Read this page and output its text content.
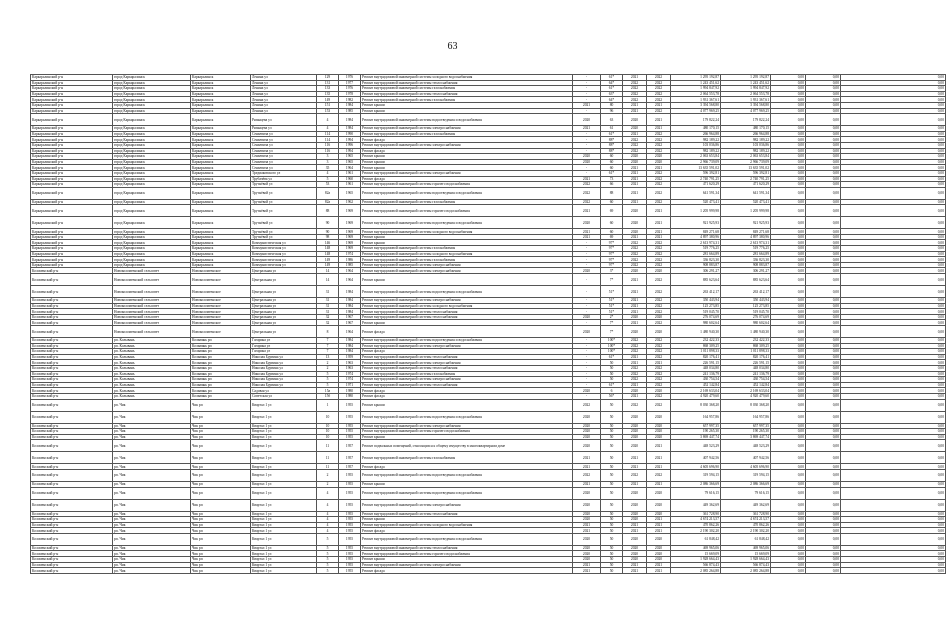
63
Каркаралинский р-н	город Каркаралинск	Каркаралинск	Ленина ул	129	1976	Ремонт внутридомовой инженерной системы холодного водоснабжения	-	61*	2021	2022	1 295 192,87	1 295 192,87	0,00	0,00	0,00
Каркаралинский р-н	город Каркаралинск	Каркаралинск	Ленина ул	131	1977	Ремонт внутридомовой инженерной системы теплоснабжения	-	64*	2022	2022	1 243 451,62	1 243 451,62	0,00	0,00	0,00
Каркаралинский р-н	город Каркаралинск	Каркаралинск	Ленина ул	133	1976	Ремонт внутридомовой инженерной системы газоснабжения	-	61*	2022	2022	1 994 847,92	1 994 847,92	0,00	0,00	0,00
Каркаралинский р-н	город Каркаралинск	Каркаралинск	Ленина ул	135	1978	Ремонт внутридомовой инженерной системы теплоснабжения	-	63*	2022	2022	2 064 553,78	2 064 553,78	0,00	0,00	0,00
Каркаралинский р-н	город Каркаралинск	Каркаралинск	Ленина ул	149	1982	Ремонт внутридомовой инженерной системы газоснабжения	-	64*	2022	2022	1 931 367,61	1 931 367,61	0,00	0,00	0,00
Каркаралинский р-н	город Каркаралинск	Каркаралинск	Ленина ул	151	1984	Ремонт крыши	2021	80	2021	2021	3 394 568,80	3 394 568,80	0,00	0,00	0,00
Каркаралинский р-н	город Каркаралинск	Каркаралинск	Ленина ул	153	1985	Ремонт крыши	-	96	2021	2022	4 077 969,25	4 077 969,25	0,00	0,00	0,00
Каркаралинский р-н	город Каркаралинск	Каркаралинск	Рязанцева ул	4	1984	Ремонт внутридомовой инженерной системы водоотведения и водоснабжения	2020	63	2020	2021	179 822,24	179 822,24	0,00	0,00	0,00
Каркаралинский р-н	город Каркаралинск	Каркаралинск	Рязанцева ул	4	1984	Ремонт внутридомовой инженерной системы электроснабжения	2021	61	2020	2021	480 170,15	480 170,15	0,00	0,00	0,00
Каркаралинский р-н	город Каркаралинск	Каркаралинск	Сенкевича ул	114	1990	Ремонт внутридомовой инженерной системы газоснабжения	-	61*	2021	2022	266 964,88	266 964,88	0,00	0,00	0,00
Каркаралинский р-н	город Каркаралинск	Каркаралинск	Сенкевича ул	114	1994	Ремонт фасада	-	88*	2022	2022	982 189,22	982 189,22	0,00	0,00	0,00
Каркаралинский р-н	город Каркаралинск	Каркаралинск	Сенкевича ул	116	1996	Ремонт внутридомовой инженерной системы электроснабжения	-	88*	2022	2022	103 036,86	103 036,86	0,00	0,00	0,00
Каркаралинский р-н	город Каркаралинск	Каркаралинск	Сенкевича ул	116	1994	Ремонт фасада	-	88*	2022	2022	982 189,22	982 189,22	0,00	0,00	0,00
Каркаралинский р-н	город Каркаралинск	Каркаралинск	Сенкевича ул	3	1965	Ремонт крыши	2020	60	2020	2020	2 063 653,84	2 063 653,84	0,00	0,00	0,00
Каркаралинский р-н	город Каркаралинск	Каркаралинск	Сенкевича ул	3	1965	Ремонт крыши	2020	60	2020	2020	2 966 739,09	2 966 739,09	0,00	0,00	0,00
Каркаралинский р-н	город Каркаралинск	Каркаралинск	Сенкевича ул	35	1964	Ремонт крыши	-	60	2021	2021	13 635 591,02	13 635 591,02	0,00	0,00	0,00
Каркаралинский р-н	город Каркаралинск	Каркаралинск	Тредиаковского ул	4	1961	Ремонт внутридомовой инженерной системы электроснабжения	-	61*	2021	2022	596 392,81	596 392,81	0,00	0,00	0,00
Каркаралинский р-н	город Каркаралинск	Каркаралинск	Трубачёва ул	5	1960	Ремонт фасада	2021	73	2021	2022	2 740 791,25	2 740 791,25	0,00	0,00	0,00
Каркаралинский р-н	город Каркаралинск	Каркаралинск	Трутнёвой ул	53	1961	Ремонт внутридомовой инженерной системы горячего водоснабжения	2022	66	2021	2022	471 620,29	471 620,29	0,00	0,00	0,00
Каркаралинский р-н	город Каркаралинск	Каркаралинск	Трутнёвой ул	82а	1965	Ремонт внутридомовой инженерной системы водоотведения и водоснабжения	2022	88	2021	2022	641 591,34	641 591,34	0,00	0,00	0,00
Каркаралинский р-н	город Каркаралинск	Каркаралинск	Трутнёвой ул	82а	1962	Ремонт внутридомовой инженерной системы газоснабжения	2022	60	2021	2022	520 473,41	520 473,41	0,00	0,00	0,00
Каркаралинский р-н	город Каркаралинск	Каркаралинск	Трутнёвой ул	88	1969	Ремонт внутридомовой инженерной системы горячего водоснабжения	2021	69	2020	2021	1 205 999,98	1 205 999,98	0,00	0,00	0,00
Каркаралинский р-н	город Каркаралинск	Каркаралинск	Трутнёвой ул	90	1969	Ремонт внутридомовой инженерной системы водоотведения и водоснабжения	2020	60	2020	2021	921 925,93	921 925,93	0,00	0,00	0,00
Каркаралинский р-н	город Каркаралинск	Каркаралинск	Трутнёвой ул	90	1969	Ремонт внутридомовой инженерной системы холодного водоснабжения	2021	60	2020	2021	849 271,68	849 271,68	0,00	0,00	0,00
Каркаралинский р-н	город Каркаралинск	Каркаралинск	Трутнёвой ул	98	1969	Ремонт крыши	2021	69	2021	2021	4 897 380,96	4 897 380,96	0,00	0,00	0,00
Каркаралинский р-н	город Каркаралинск	Каркаралинск	Коммунистическая ул	146	1969	Ремонт крыши	-	97*	2022	2022	2 613 974,31	2 613 974,31	0,00	0,00	0,00
Каркаралинский р-н	город Каркаралинск	Каркаралинск	Коммунистическая ул	148	1969	Ремонт внутридомовой инженерной системы газоснабжения	-	97*	2022	2022	519 776,25	519 776,25	0,00	0,00	0,00
Каркаралинский р-н	город Каркаралинск	Каркаралинск	Коммунистическая ул	148	1974	Ремонт внутридомовой инженерной системы холодного водоснабжения	-	97*	2022	2022	281 664,89	281 664,89	0,00	0,00	0,00
Каркаралинский р-н	город Каркаралинск	Каркаралинск	Коммунистическая ул	149	1986	Ремонт внутридомовой инженерной системы газоснабжения	-	97*	2022	2022	336 823,30	336 823,30	0,00	0,00	0,00
Каркаралинский р-н	город Каркаралинск	Каркаралинск	Коммунистическая ул	149	1985	Ремонт внутридомовой инженерной системы электроснабжения	-	97*	2022	2022	908 883,87	908 883,87	0,00	0,00	0,00
Коломенский р-н	Новоколомеенский сельсовет	Новоколомеенское	Центральная ул	14	1964	Ремонт внутридомовой инженерной системы электроснабжения	2020	3*	2020	2020	306 291,27	306 291,27	0,00	0,00	0,00
Коломенский р-н	Новоколомеенский сельсовет	Новоколомеенское	Центральная ул	14	1964	Ремонт крыши	-	7*	2021	2022	885 623,64	885 623,64	0,00	0,00	0,00
Коломенский р-н	Новоколомеенский сельсовет	Новоколомеенское	Центральная ул	31	1984	Ремонт внутридомовой инженерной системы водоотведения и водоснабжения	-	51*	2021	2022	263 412,17	263 412,17	0,00	0,00	0,00
Коломенский р-н	Новоколомеенский сельсовет	Новоколомеенское	Центральная ул	31	1984	Ремонт внутридомовой инженерной системы электроснабжения	-	51*	2021	2022	350 443,94	350 443,94	0,00	0,00	0,00
Коломенский р-н	Новоколомеенский сельсовет	Новоколомеенское	Центральная ул	31	1984	Ремонт внутридомовой инженерной системы холодного водоснабжения	-	51*	2021	2022	125 273,85	125 273,85	0,00	0,00	0,00
Коломенский р-н	Новоколомеенский сельсовет	Новоколомеенское	Центральная ул	31	1984	Ремонт внутридомовой инженерной системы теплоснабжения	-	51*	2021	2022	519 045,70	519 045,70	0,00	0,00	0,00
Коломенский р-н	Новоколомеенский сельсовет	Новоколомеенское	Центральная ул	32	1967	Ремонт внутридомовой инженерной системы теплоснабжения	2020	2*	2020	2020	276 074,69	276 074,69	0,00	0,00	0,00
Коломенский р-н	Новоколомеенский сельсовет	Новоколомеенское	Центральная ул	32	1967	Ремонт крыши	-	7*	2021	2022	980 602,64	980 602,64	0,00	0,00	0,00
Коломенский р-н	Новоколомеенский сельсовет	Новоколомеенское	Центральная ул	8	1964	Ремонт фасада	2020	7*	2020	2020	1 480 940,30	1 480 940,30	0,00	0,00	0,00
Коломенский р-н	рп. Колывань	Колывань рп	Гагарина ул	7	1984	Ремонт внутридомовой инженерной системы водоотведения и водоснабжения	-	100*	2022	2022	232 422,33	232 422,33	0,00	0,00	0,00
Коломенский р-н	рп. Колывань	Колывань рп	Гагарина ул	7	1984	Ремонт внутридомовой инженерной системы электроснабжения	-	100*	2022	2022	868 309,25	868 309,25	0,00	0,00	0,00
Коломенский р-н	рп. Колывань	Колывань рп	Гагарина ул	7	1984	Ремонт фасада	-	100*	2022	2022	1 011 898,33	1 011 898,33	0,00	0,00	0,00
Коломенский р-н	рп. Колывань	Колывань рп	Николая Бурвина ул	13	1959	Ремонт внутридомовой инженерной системы теплоснабжения	-	61*	2021	2022	820 176,41	820 176,41	0,00	0,00	0,00
Коломенский р-н	рп. Колывань	Колывань рп	Николая Бурвина ул	2	1963	Ремонт внутридомовой инженерной системы электроснабжения	-	50	2021	2021	226 591,15	226 591,15	0,00	0,00	0,00
Коломенский р-н	рп. Колывань	Колывань рп	Николая Бурвина ул	2	1963	Ремонт внутридомовой инженерной системы теплоснабжения	-	50	2022	2022	448 034,80	448 034,80	0,00	0,00	0,00
Коломенский р-н	рп. Колывань	Колывань рп	Николая Бурвина ул	5	1974	Ремонт внутридомовой инженерной системы газоснабжения	-	50	2022	2022	241 136,79	241 136,79	0,00	0,00	0,00
Коломенский р-н	рп. Колывань	Колывань рп	Николая Бурвина ул	5	1974	Ремонт внутридомовой инженерной системы электроснабжения	-	50	2022	2022	430 754,54	430 754,54	0,00	0,00	0,00
Коломенский р-н	рп. Колывань	Колывань рп	Николая Бурвина ул	5	1971	Ремонт внутридомовой инженерной системы теплоснабжения	-	61*	2021	2022	452 142,84	452 142,84	0,00	0,00	0,00
Коломенский р-н	рп. Колывань	Колывань рп	Садовая ул	15а	1980	Ремонт фасада	2020	6	2020	2020	2 169 633,04	2 169 633,04	0,00	0,00	0,00
Коломенский р-н	рп. Колывань	Колывань рп	Советская ул	15б	1980	Ремонт фасада	-	56*	2021	2022	4 920 479,60	4 920 479,60	0,00	0,00	0,00
Коломенский р-н	рп. Чик	Чик рп	Квартал 1 ул	1	1955	Ремонт крыши	2022	50	2022	2022	8 030 368,20	8 030 368,20	0,00	0,00	0,00
Коломенский р-н	рп. Чик	Чик рп	Квартал 1 ул	10	1955	Ремонт внутридомовой инженерной системы водоотведения и водоснабжения	2020	50	2020	2020	164 957,86	164 957,86	0,00	0,00	0,00
Коломенский р-н	рп. Чик	Чик рп	Квартал 1 ул	10	1955	Ремонт внутридомовой инженерной системы электроснабжения	2020	50	2020	2020	657 997,35	657 997,35	0,00	0,00	0,00
Коломенский р-н	рп. Чик	Чик рп	Квартал 1 ул	10	1955	Ремонт внутридомовой инженерной системы горячего водоснабжения	2020	50	2020	2020	190 265,30	190 265,30	0,00	0,00	0,00
Коломенский р-н	рп. Чик	Чик рп	Квартал 1 ул	10	1955	Ремонт крыши	2020	50	2020	2020	3 869 447,74	3 869 447,74	0,00	0,00	0,00
Коломенский р-н	рп. Чик	Чик рп	Квартал 1 ул	11	1957	Ремонт подвальных помещений, относящихся к общему имуществу в многоквартирном доме	2020	50	2020	2021	448 523,29	448 523,29	0,00	0,00	0,00
Коломенский р-н	рп. Чик	Чик рп	Квартал 1 ул	11	1957	Ремонт внутридомовой инженерной системы газоснабжения	2021	50	2021	2021	407 942,56	407 942,56	0,00	0,00	0,00
Коломенский р-н	рп. Чик	Чик рп	Квартал 1 ул	11	1957	Ремонт фасада	2021	50	2021	2021	4 605 696,90	4 605 696,90	0,00	0,00	0,00
Коломенский р-н	рп. Чик	Чик рп	Квартал 1 ул	2	1955	Ремонт внутридомовой инженерной системы водоотведения и водоснабжения	2022	50	2022	2022	319 594,15	319 594,15	0,00	0,00	0,00
Коломенский р-н	рп. Чик	Чик рп	Квартал 1 ул	2	1955	Ремонт крыши	2021	50	2021	2021	2 086 366,69	2 086 366,69	0,00	0,00	0,00
Коломенский р-н	рп. Чик	Чик рп	Квартал 1 ул	4	1955	Ремонт внутридомовой инженерной системы водоотведения и водоснабжения	2020	50	2020	2020	79 616,15	79 616,15	0,00	0,00	0,00
Коломенский р-н	рп. Чик	Чик рп	Квартал 1 ул	4	1955	Ремонт внутридомовой инженерной системы электроснабжения	2020	50	2020	2020	449 362,69	449 362,69	0,00	0,00	0,00
Коломенский р-н	рп. Чик	Чик рп	Квартал 1 ул	4	1955	Ремонт внутридомовой инженерной системы теплоснабжения	2020	50	2020	2020	361 728,90	361 728,90	0,00	0,00	0,00
Коломенский р-н	рп. Чик	Чик рп	Квартал 1 ул	4	1955	Ремонт крыши	2020	50	2020	2021	4 674 213,57	4 674 213,57	0,00	0,00	0,00
Коломенский р-н	рп. Чик	Чик рп	Квартал 1 ул	4	1955	Ремонт внутридомовой инженерной системы холодного водоснабжения	2021	50	2021	2021	470 862,26	470 862,26	0,00	0,00	0,00
Коломенский р-н	рп. Чик	Чик рп	Квартал 1 ул	4	1955	Ремонт фасада	2021	50	2021	2021	2 190 302,20	2 190 302,20	0,00	0,00	0,00
Коломенский р-н	рп. Чик	Чик рп	Квартал 1 ул	5	1955	Ремонт внутридомовой инженерной системы водоотведения и водоснабжения	2020	50	2020	2020	61 848,42	61 848,42	0,00	0,00	0,00
Коломенский р-н	рп. Чик	Чик рп	Квартал 1 ул	5	1955	Ремонт внутридомовой инженерной системы теплоснабжения	2020	50	2020	2020	469 965,06	469 965,06	0,00	0,00	0,00
Коломенский р-н	рп. Чик	Чик рп	Квартал 1 ул	5	1955	Ремонт внутридомовой инженерной системы горячего водоснабжения	2020	50	2020	2020	15 669,09	15 669,09	0,00	0,00	0,00
Коломенский р-н	рп. Чик	Чик рп	Квартал 1 ул	5	1955	Ремонт крыши	2020	50	2020	2020	1 928 664,43	1 928 664,43	0,00	0,00	0,00
Коломенский р-н	рп. Чик	Чик рп	Квартал 1 ул	5	1955	Ремонт внутридомовой инженерной системы электроснабжения	2021	50	2021	2021	566 874,43	566 874,43	0,00	0,00	0,00
Коломенский р-н	рп. Чик	Чик рп	Квартал 1 ул	5	1955	Ремонт фасада	2021	50	2021	2021	2 085 264,88	2 085 264,88	0,00	0,00	0,00
